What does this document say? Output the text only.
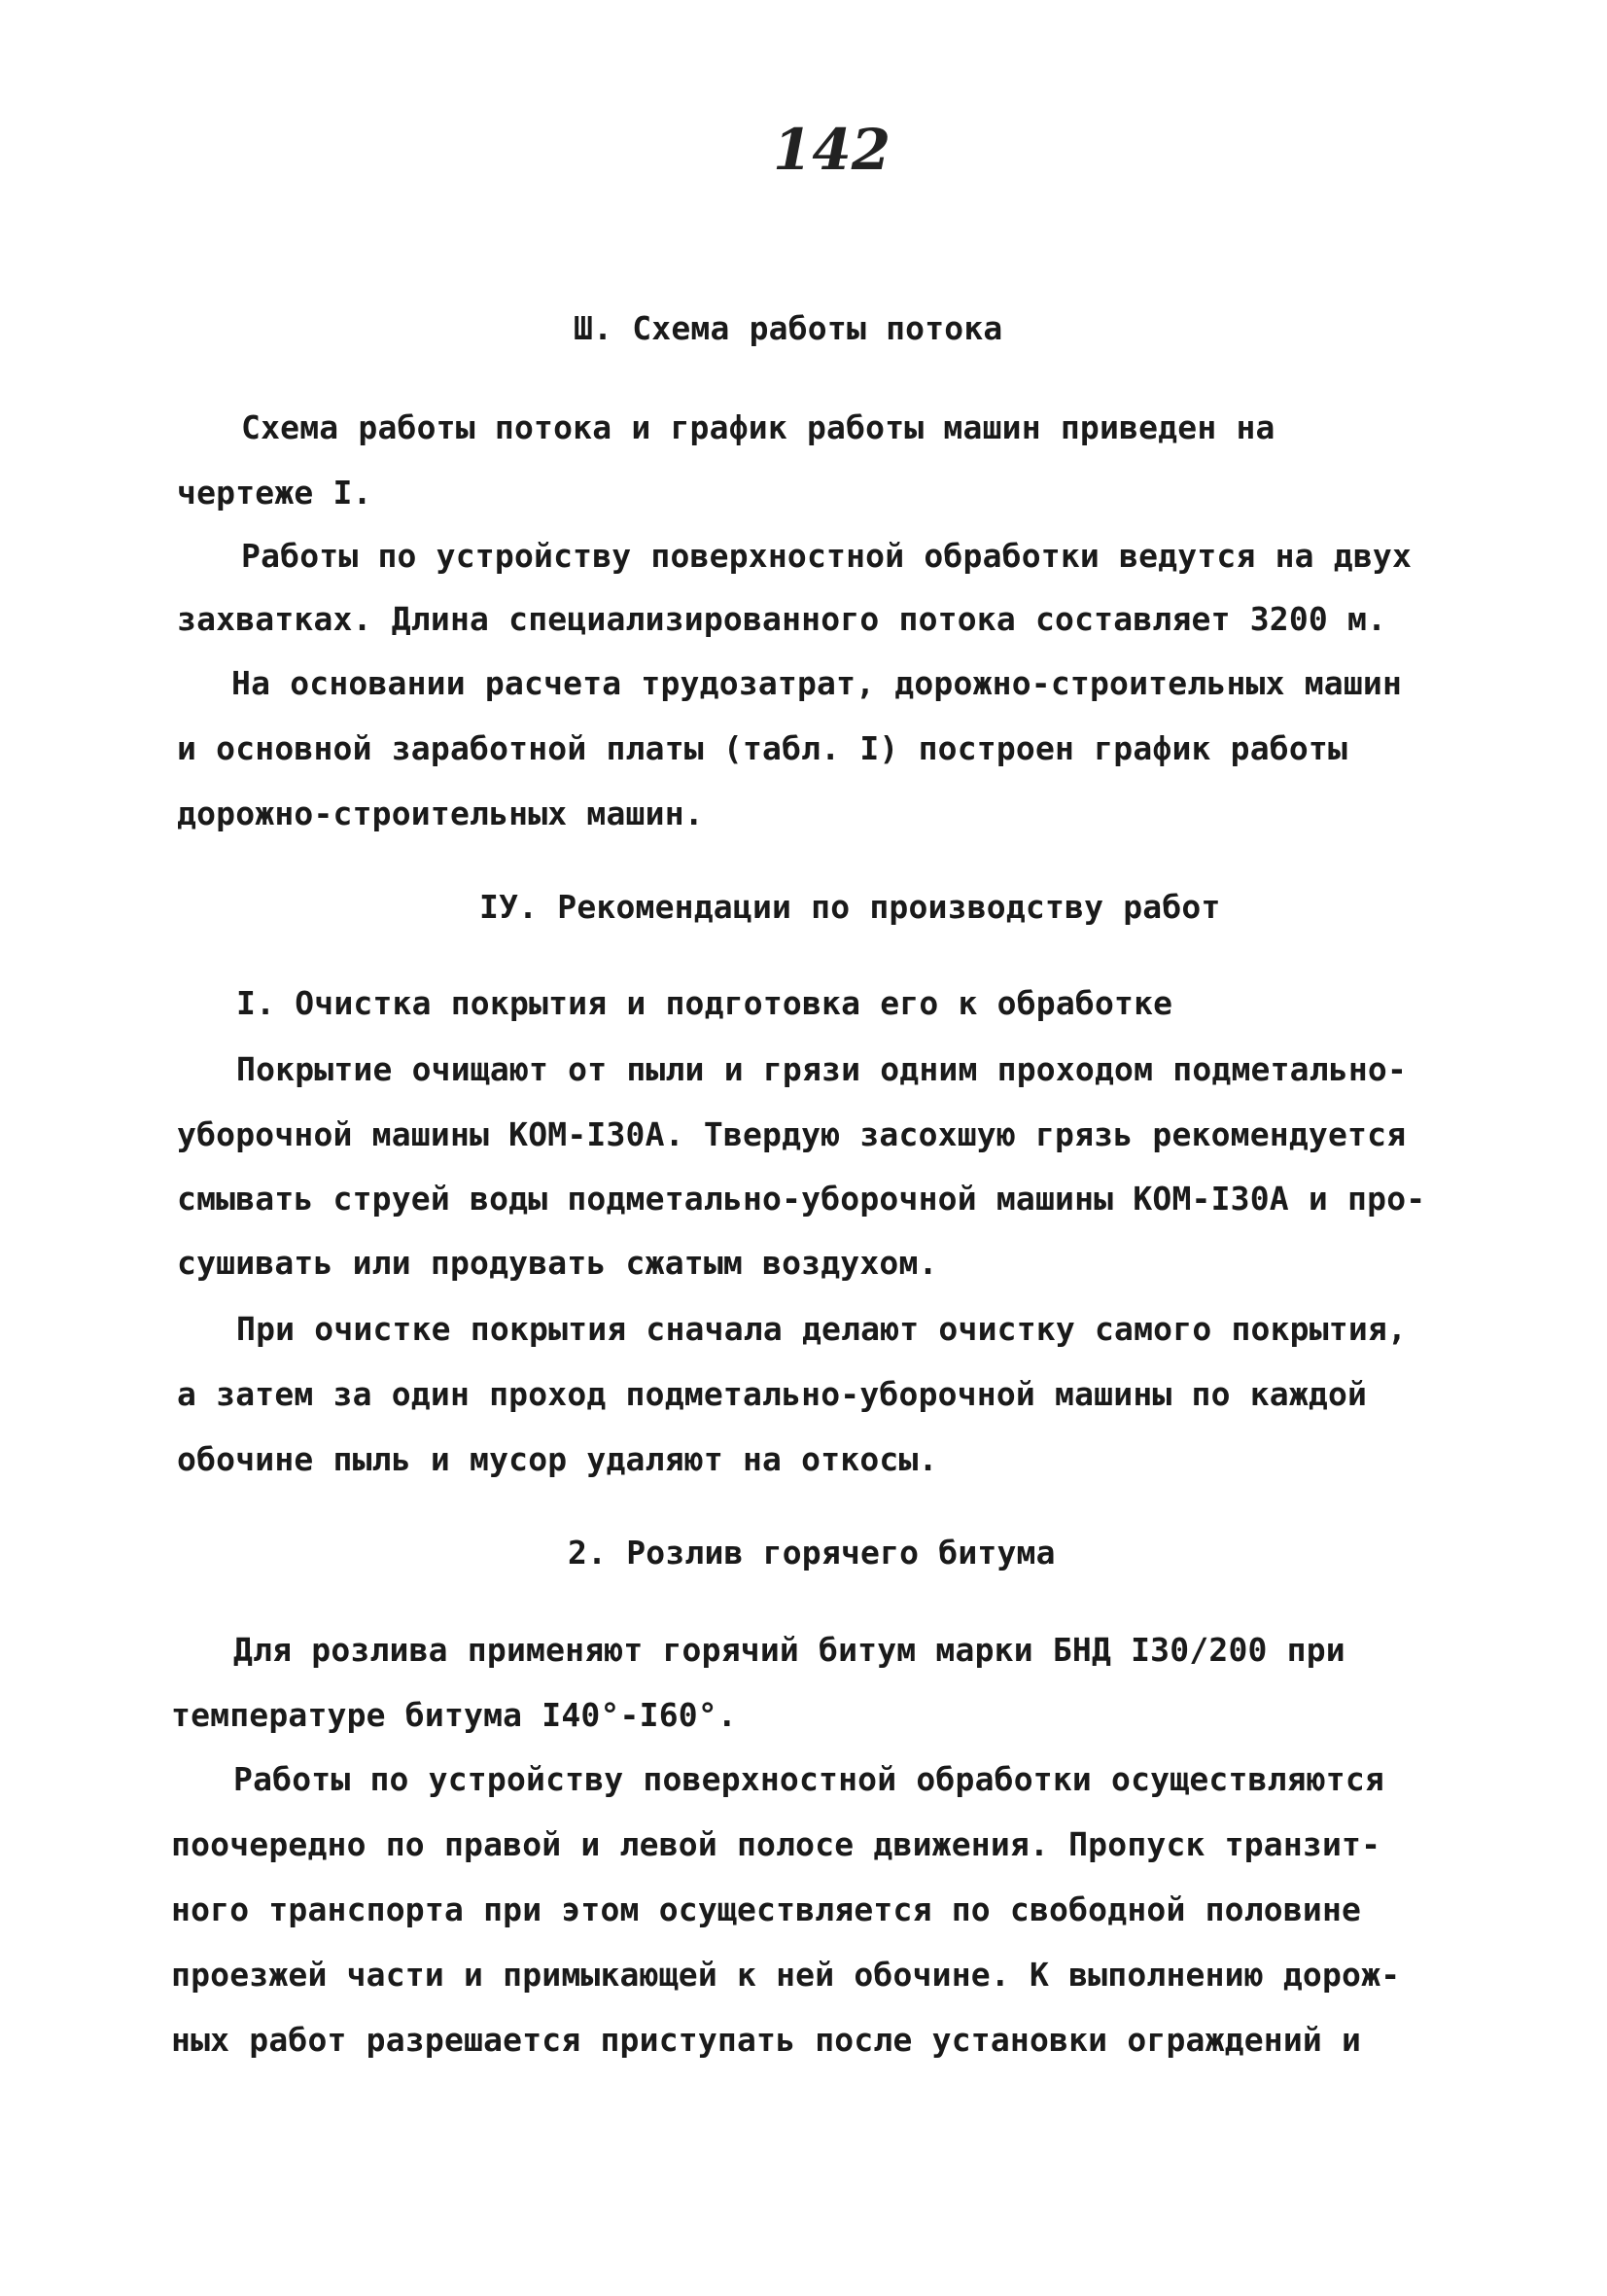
142
Ш. Схема работы потока
Схема работы потока и график работы машин приведен на
чертеже I.
Работы по устройству поверхностной обработки ведутся на двух
захватках. Длина специализированного потока составляет 3200 м.
На основании расчета трудозатрат, дорожно-строительных машин
и основной заработной платы (табл. I) построен график работы
дорожно-строительных машин.
IУ. Рекомендации по производству работ
I. Очистка покрытия и подготовка его к обработке
Покрытие очищают от пыли и грязи одним проходом подметально-
уборочной машины КОМ-I30А. Твердую засохшую грязь рекомендуется
смывать струей воды подметально-уборочной машины КОМ-I30А и про-
сушивать или продувать сжатым воздухом.
При очистке покрытия сначала делают очистку самого покрытия,
а затем за один проход подметально-уборочной машины по каждой
обочине пыль и мусор удаляют на откосы.
2. Розлив горячего битума
Для розлива применяют горячий битум марки БНД I30/200 при
температуре битума I40°-I60°.
Работы по устройству поверхностной обработки осуществляются
поочередно по правой и левой полосе движения. Пропуск транзит-
ного транспорта при этом осуществляется по свободной половине
проезжей части и примыкающей к ней обочине. К выполнению дорож-
ных работ разрешается приступать после установки ограждений и
